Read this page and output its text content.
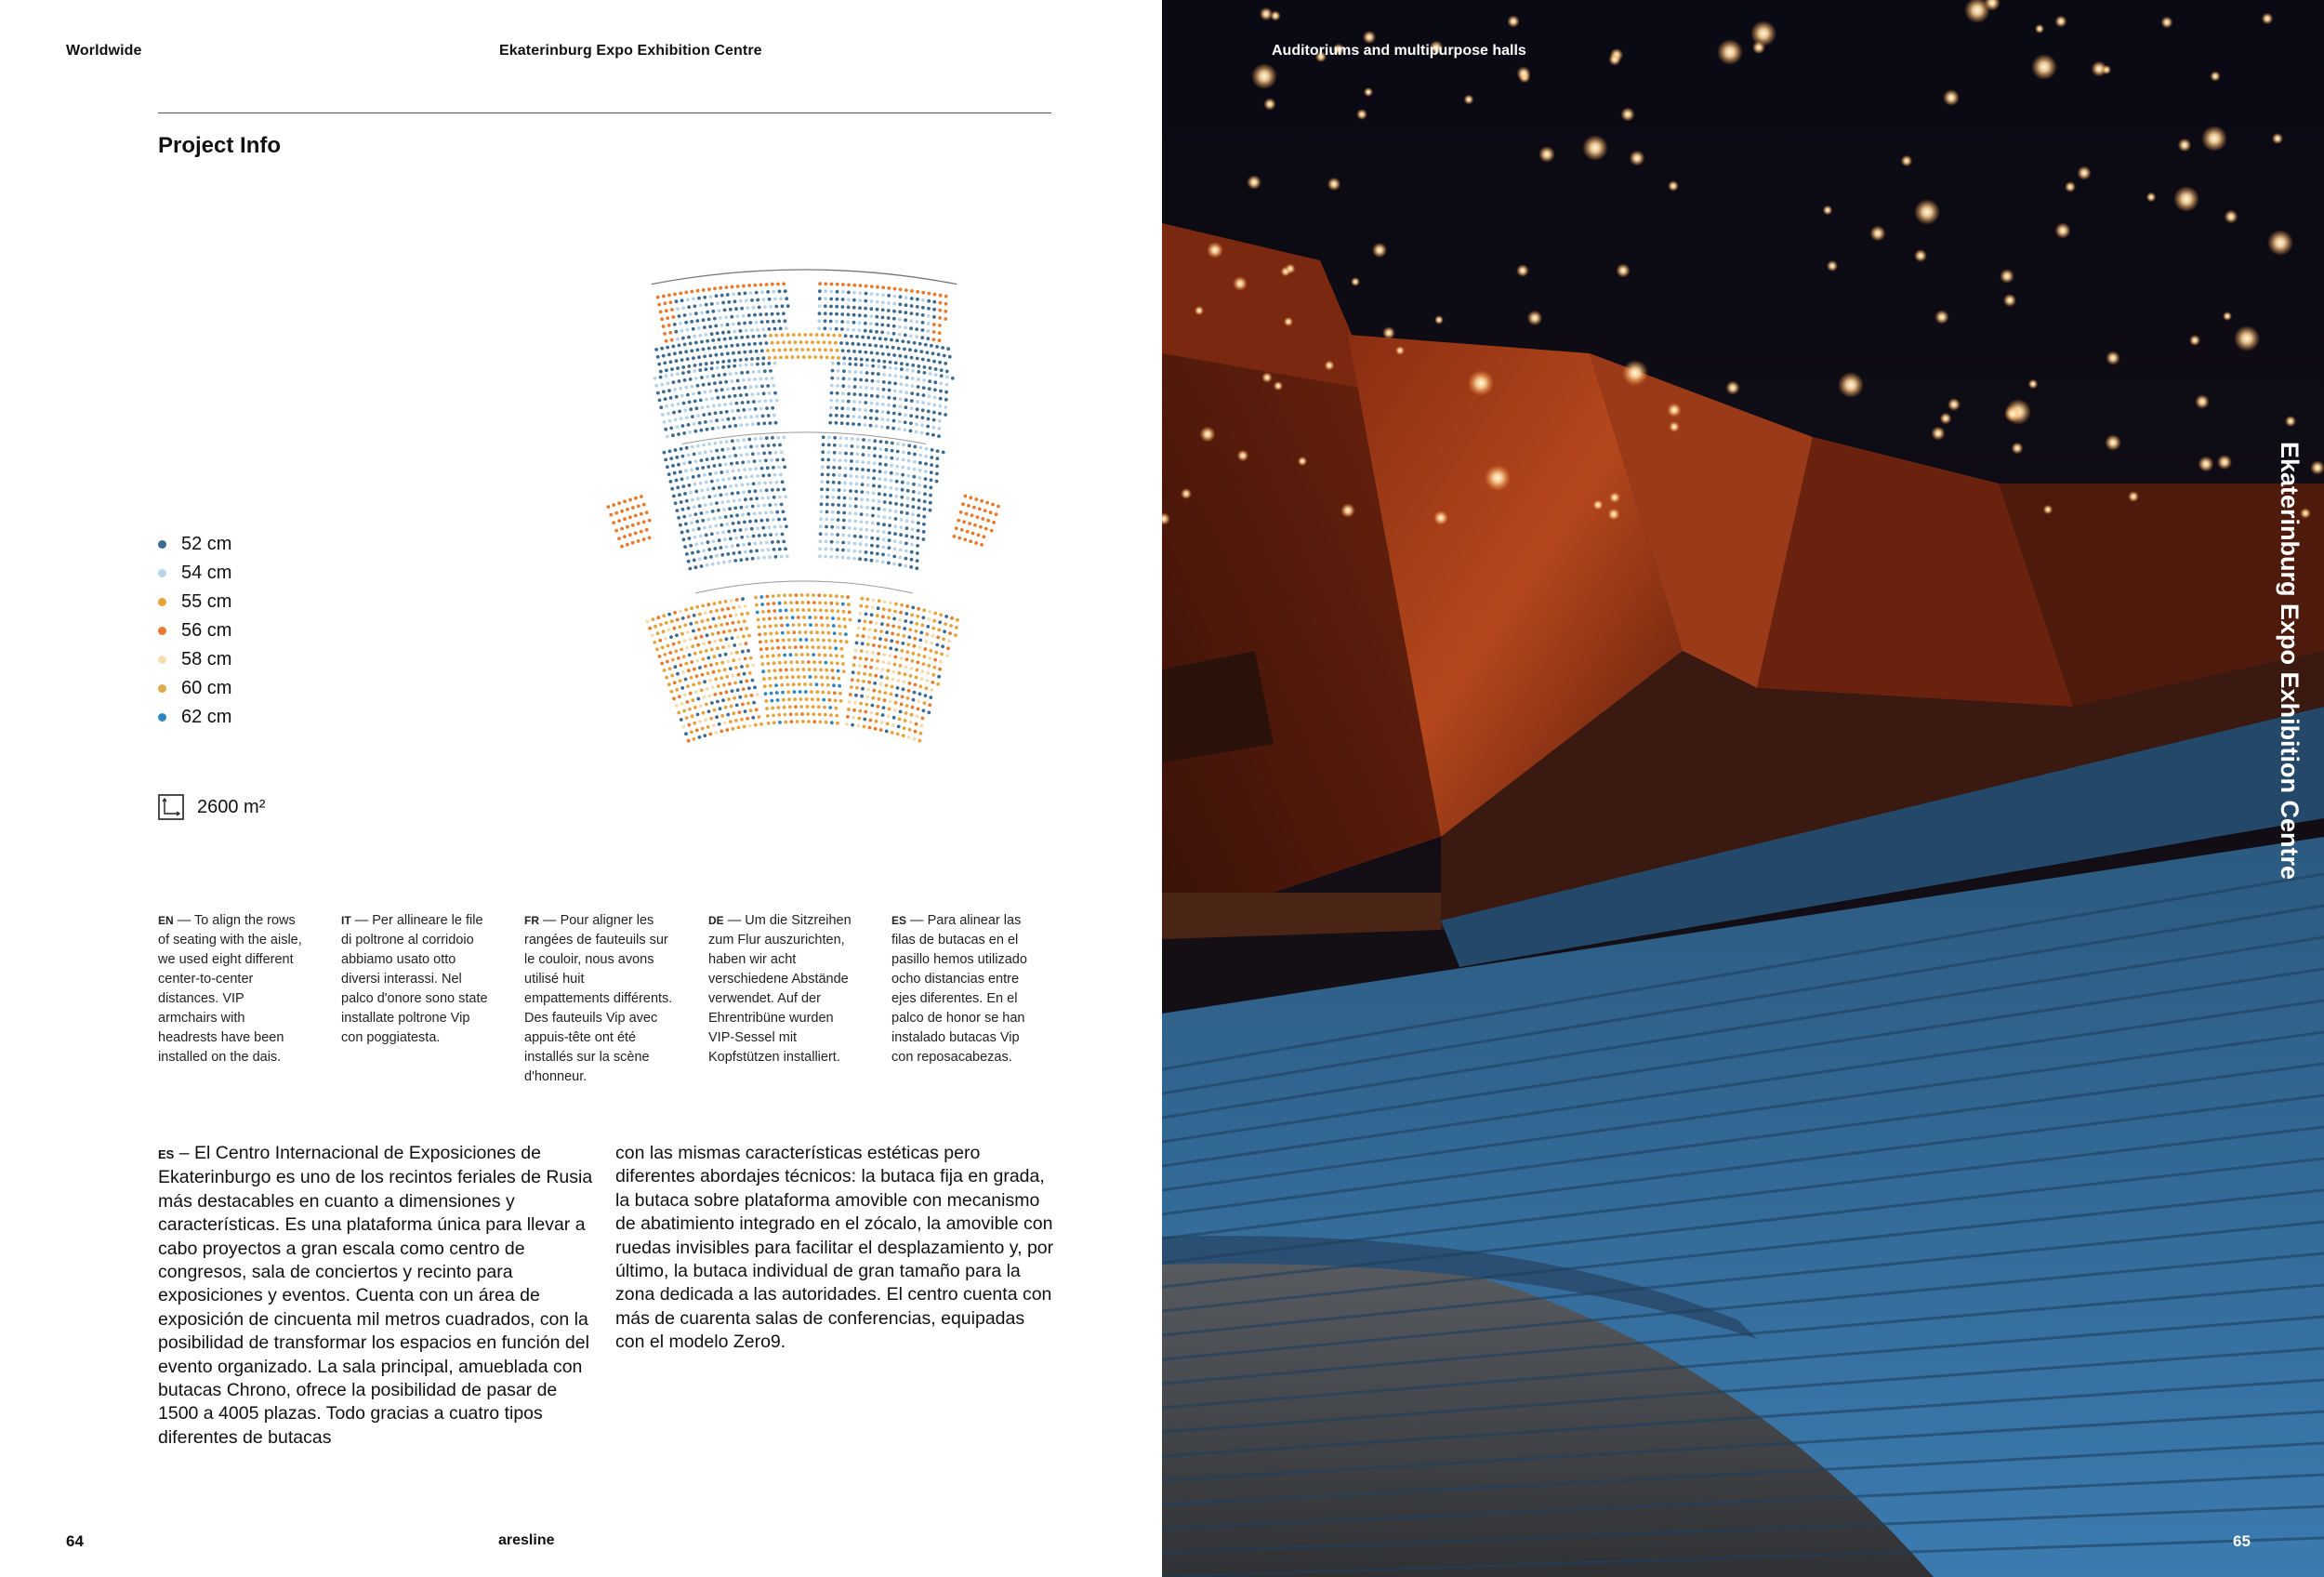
Worldwide	Ekaterinburg Expo Exhibition Centre
Project Info
52 cm
54 cm
55 cm
56 cm
58 cm
60 cm
62 cm
2600 m²
EN — To align the rows of seating with the aisle, we used eight different center-to-center distances. VIP armchairs with headrests have been installed on the dais.
IT — Per allineare le file di poltrone al corridoio abbiamo usato otto diversi interassi. Nel palco d'onore sono state installate poltrone Vip con poggiatesta.
FR — Pour aligner les rangées de fauteuils sur le couloir, nous avons utilisé huit empattements différents. Des fauteuils Vip avec appuis-tête ont été installés sur la scène d'honneur.
DE — Um die Sitzreihen zum Flur auszurichten, haben wir acht verschiedene Abstände verwendet. Auf der Ehrentribüne wurden VIP-Sessel mit Kopfstützen installiert.
ES — Para alinear las filas de butacas en el pasillo hemos utilizado ocho distancias entre ejes diferentes. En el palco de honor se han instalado butacas Vip con reposacabezas.
ES – El Centro Internacional de Exposiciones de Ekaterinburgo es uno de los recintos feriales de Rusia más destacables en cuanto a dimensiones y características. Es una plataforma única para llevar a cabo proyectos a gran escala como centro de congresos, sala de conciertos y recinto para exposiciones y eventos. Cuenta con un área de exposición de cincuenta mil metros cuadrados, con la posibilidad de transformar los espacios en función del evento organizado. La sala principal, amueblada con butacas Chrono, ofrece la posibilidad de pasar de 1500 a 4005 plazas. Todo gracias a cuatro tipos diferentes de butacas
con las mismas características estéticas pero diferentes abordajes técnicos: la butaca fija en grada, la butaca sobre plataforma amovible con mecanismo de abatimiento integrado en el zócalo, la amovible con ruedas invisibles para facilitar el desplazamiento y, por último, la butaca individual de gran tamaño para la zona dedicada a las autoridades. El centro cuenta con más de cuarenta salas de conferencias, equipadas con el modelo Zero9.
64	aresline
Auditoriums and multipurpose halls
Ekaterinburg Expo Exhibition Centre
65
